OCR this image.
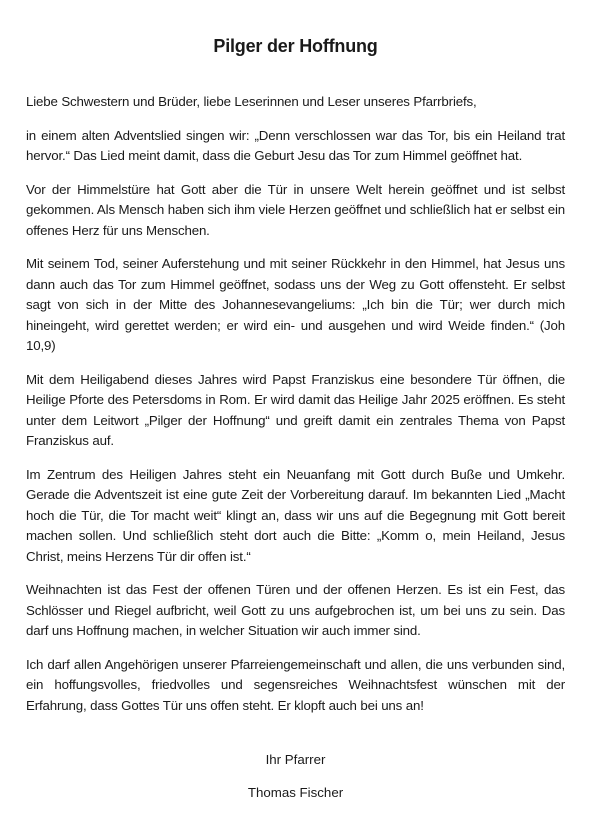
Pilger der Hoffnung

Liebe Schwestern und Brüder, liebe Leserinnen und Leser unseres Pfarrbriefs,

in einem alten Adventslied singen wir: „Denn verschlossen war das Tor, bis ein Heiland trat hervor.“ Das Lied meint damit, dass die Geburt Jesu das Tor zum Himmel geöffnet hat.

Vor der Himmelstüre hat Gott aber die Tür in unsere Welt herein geöffnet und ist selbst gekommen. Als Mensch haben sich ihm viele Herzen geöffnet und schließlich hat er selbst ein offenes Herz für uns Menschen.

Mit seinem Tod, seiner Auferstehung und mit seiner Rückkehr in den Himmel, hat Jesus uns dann auch das Tor zum Himmel geöffnet, sodass uns der Weg zu Gott offensteht. Er selbst sagt von sich in der Mitte des Johannesevangeliums: „Ich bin die Tür; wer durch mich hineingeht, wird gerettet werden; er wird ein- und ausgehen und wird Weide finden.“ (Joh 10,9)

Mit dem Heiligabend dieses Jahres wird Papst Franziskus eine besondere Tür öffnen, die Heilige Pforte des Petersdoms in Rom. Er wird damit das Heilige Jahr 2025 eröffnen. Es steht unter dem Leitwort „Pilger der Hoffnung“ und greift damit ein zentrales Thema von Papst Franziskus auf.

Im Zentrum des Heiligen Jahres steht ein Neuanfang mit Gott durch Buße und Umkehr. Gerade die Adventszeit ist eine gute Zeit der Vorbereitung darauf. Im bekannten Lied „Macht hoch die Tür, die Tor macht weit“ klingt an, dass wir uns auf die Begegnung mit Gott bereit machen sollen. Und schließlich steht dort auch die Bitte: „Komm o, mein Heiland, Jesus Christ, meins Herzens Tür dir offen ist.“

Weihnachten ist das Fest der offenen Türen und der offenen Herzen. Es ist ein Fest, das Schlösser und Riegel aufbricht, weil Gott zu uns aufgebrochen ist, um bei uns zu sein. Das darf uns Hoffnung machen, in welcher Situation wir auch immer sind.

Ich darf allen Angehörigen unserer Pfarreiengemeinschaft und allen, die uns verbunden sind, ein hoffungsvolles, friedvolles und segensreiches Weihnachtsfest wünschen mit der Erfahrung, dass Gottes Tür uns offen steht. Er klopft auch bei uns an!

Ihr Pfarrer
Thomas Fischer
